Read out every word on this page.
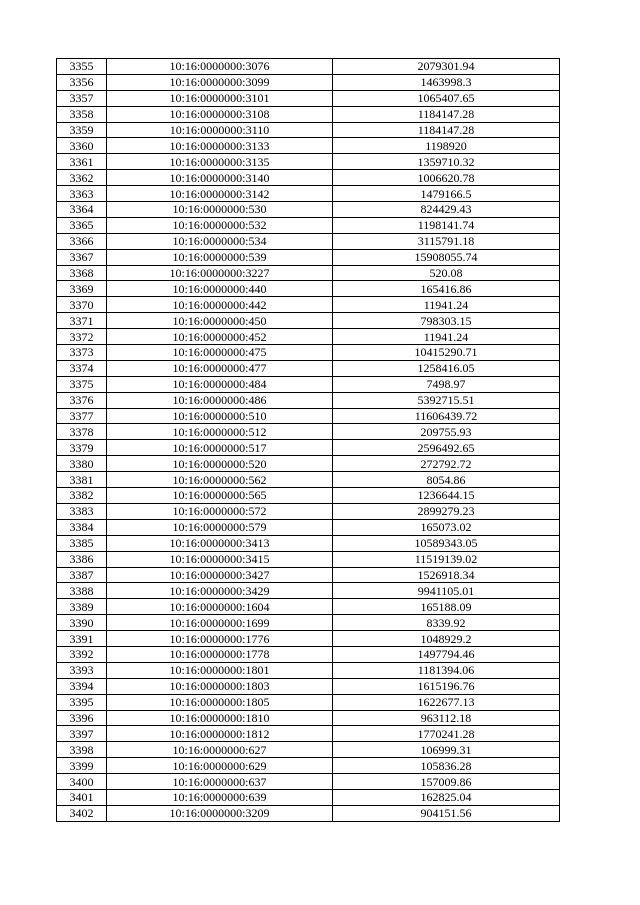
3355	10:16:0000000:3076	2079301.94
3356	10:16:0000000:3099	1463998.3
3357	10:16:0000000:3101	1065407.65
3358	10:16:0000000:3108	1184147.28
3359	10:16:0000000:3110	1184147.28
3360	10:16:0000000:3133	1198920
3361	10:16:0000000:3135	1359710.32
3362	10:16:0000000:3140	1006620.78
3363	10:16:0000000:3142	1479166.5
3364	10:16:0000000:530	824429.43
3365	10:16:0000000:532	1198141.74
3366	10:16:0000000:534	3115791.18
3367	10:16:0000000:539	15908055.74
3368	10:16:0000000:3227	520.08
3369	10:16:0000000:440	165416.86
3370	10:16:0000000:442	11941.24
3371	10:16:0000000:450	798303.15
3372	10:16:0000000:452	11941.24
3373	10:16:0000000:475	10415290.71
3374	10:16:0000000:477	1258416.05
3375	10:16:0000000:484	7498.97
3376	10:16:0000000:486	5392715.51
3377	10:16:0000000:510	11606439.72
3378	10:16:0000000:512	209755.93
3379	10:16:0000000:517	2596492.65
3380	10:16:0000000:520	272792.72
3381	10:16:0000000:562	8054.86
3382	10:16:0000000:565	1236644.15
3383	10:16:0000000:572	2899279.23
3384	10:16:0000000:579	165073.02
3385	10:16:0000000:3413	10589343.05
3386	10:16:0000000:3415	11519139.02
3387	10:16:0000000:3427	1526918.34
3388	10:16:0000000:3429	9941105.01
3389	10:16:0000000:1604	165188.09
3390	10:16:0000000:1699	8339.92
3391	10:16:0000000:1776	1048929.2
3392	10:16:0000000:1778	1497794.46
3393	10:16:0000000:1801	1181394.06
3394	10:16:0000000:1803	1615196.76
3395	10:16:0000000:1805	1622677.13
3396	10:16:0000000:1810	963112.18
3397	10:16:0000000:1812	1770241.28
3398	10:16:0000000:627	106999.31
3399	10:16:0000000:629	105836.28
3400	10:16:0000000:637	157009.86
3401	10:16:0000000:639	162825.04
3402	10:16:0000000:3209	904151.56
